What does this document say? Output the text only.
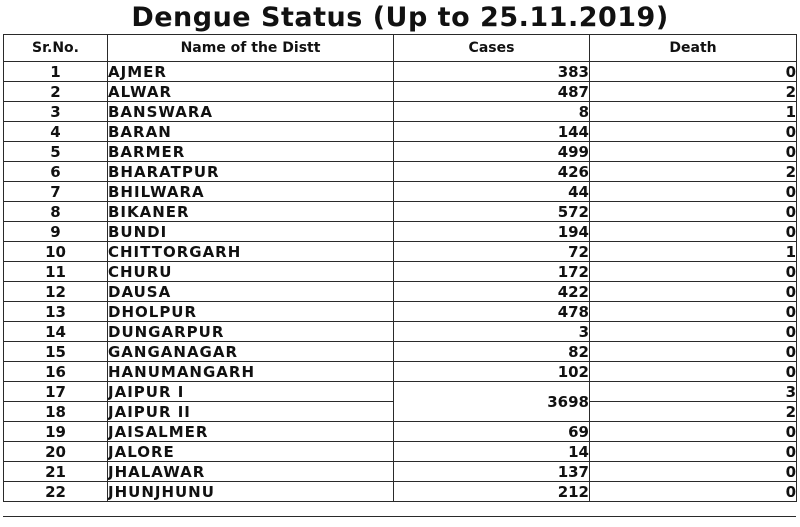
Dengue Status (Up to 25.11.2019)
Sr.No.	Name of the Distt	Cases	Death
1	AJMER	383	0
2	ALWAR	487	2
3	BANSWARA	8	1
4	BARAN	144	0
5	BARMER	499	0
6	BHARATPUR	426	2
7	BHILWARA	44	0
8	BIKANER	572	0
9	BUNDI	194	0
10	CHITTORGARH	72	1
11	CHURU	172	0
12	DAUSA	422	0
13	DHOLPUR	478	0
14	DUNGARPUR	3	0
15	GANGANAGAR	82	0
16	HANUMANGARH	102	0
17	JAIPUR I	3698	3
18	JAIPUR II		2
19	JAISALMER	69	0
20	JALORE	14	0
21	JHALAWAR	137	0
22	JHUNJHUNU	212	0
